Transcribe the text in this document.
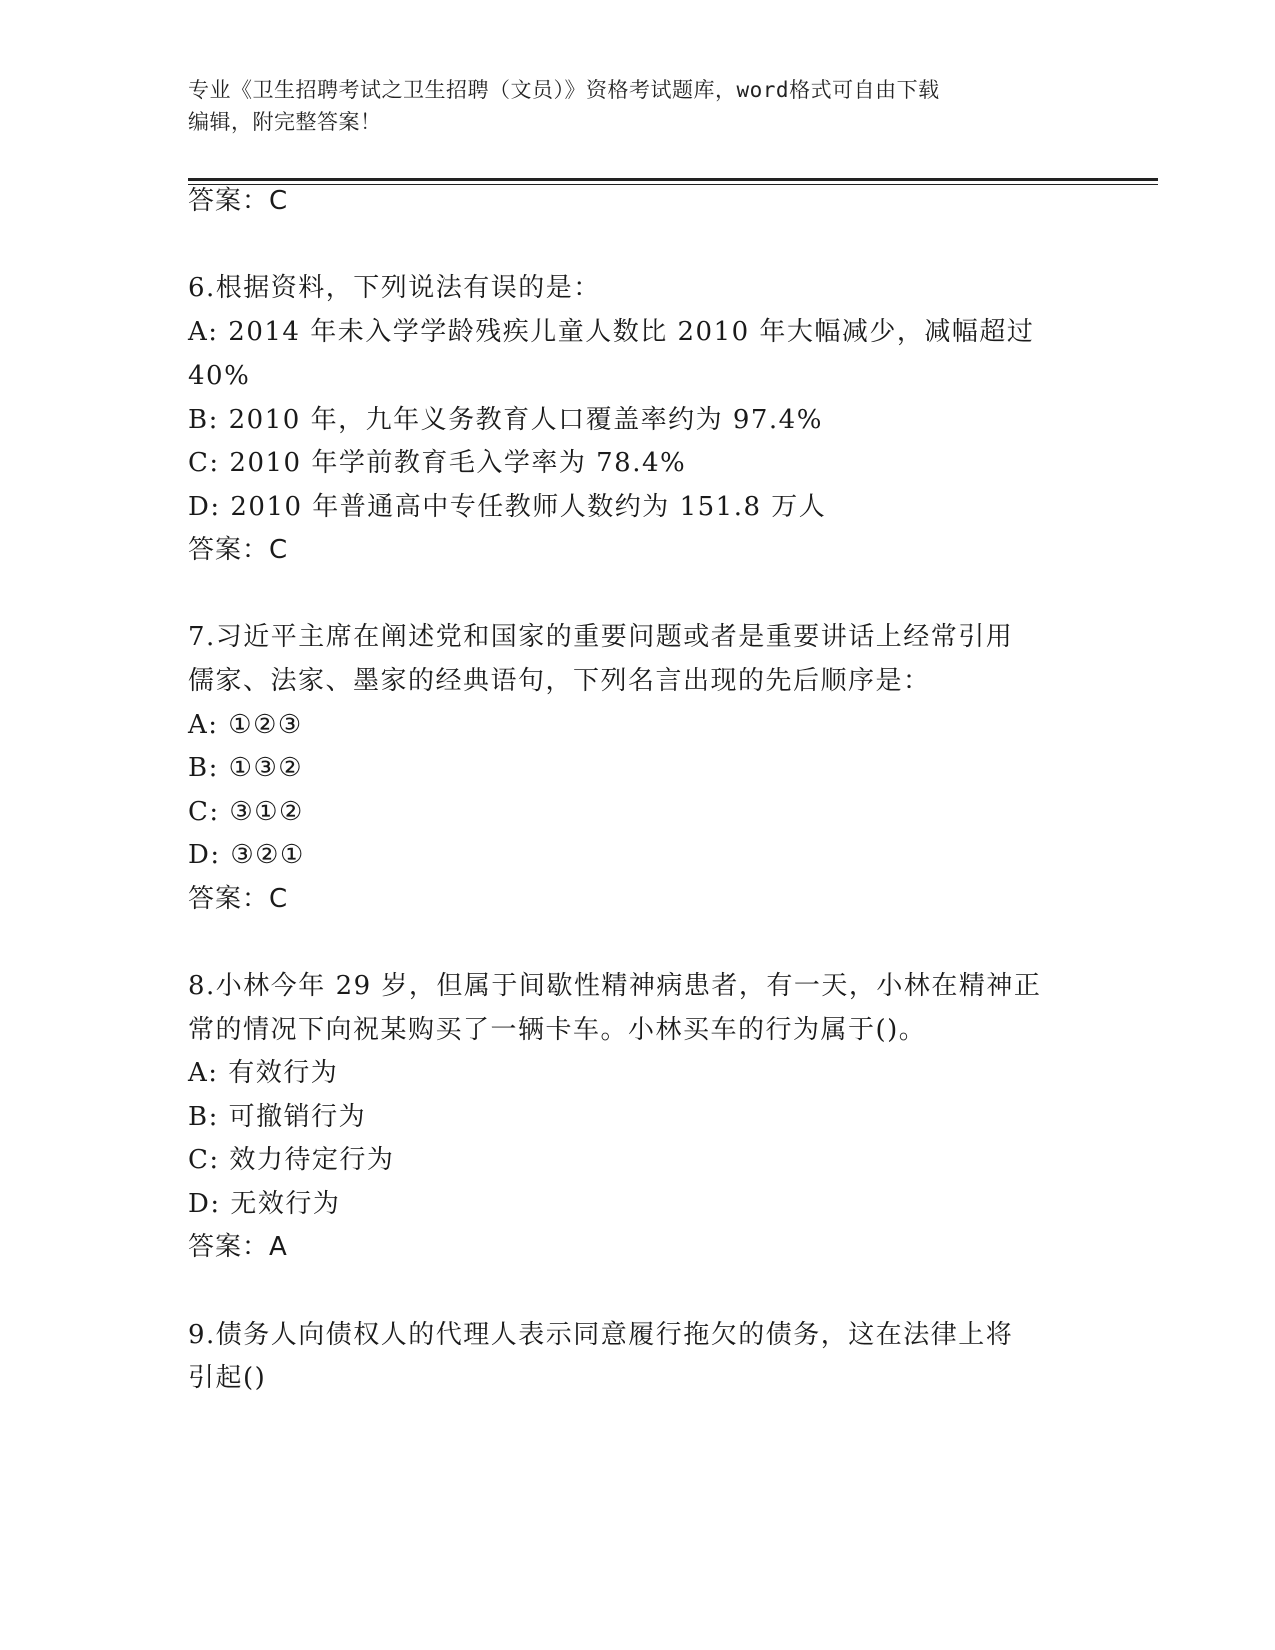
专业《卫生招聘考试之卫生招聘（文员）》资格考试题库，word格式可自由下载
编辑，附完整答案！
答案：C
6.根据资料，下列说法有误的是：
A: 2014 年未入学学龄残疾儿童人数比 2010 年大幅减少，减幅超过
40%
B: 2010 年，九年义务教育人口覆盖率约为 97.4%
C: 2010 年学前教育毛入学率为 78.4%
D: 2010 年普通高中专任教师人数约为 151.8 万人
答案：C
7.习近平主席在阐述党和国家的重要问题或者是重要讲话上经常引用
儒家、法家、墨家的经典语句，下列名言出现的先后顺序是：
A: ①②③
B: ①③②
C: ③①②
D: ③②①
答案：C
8.小林今年 29 岁，但属于间歇性精神病患者，有一天，小林在精神正
常的情况下向祝某购买了一辆卡车。小林买车的行为属于()。
A: 有效行为
B: 可撤销行为
C: 效力待定行为
D: 无效行为
答案：A
9.债务人向债权人的代理人表示同意履行拖欠的债务，这在法律上将
引起()
